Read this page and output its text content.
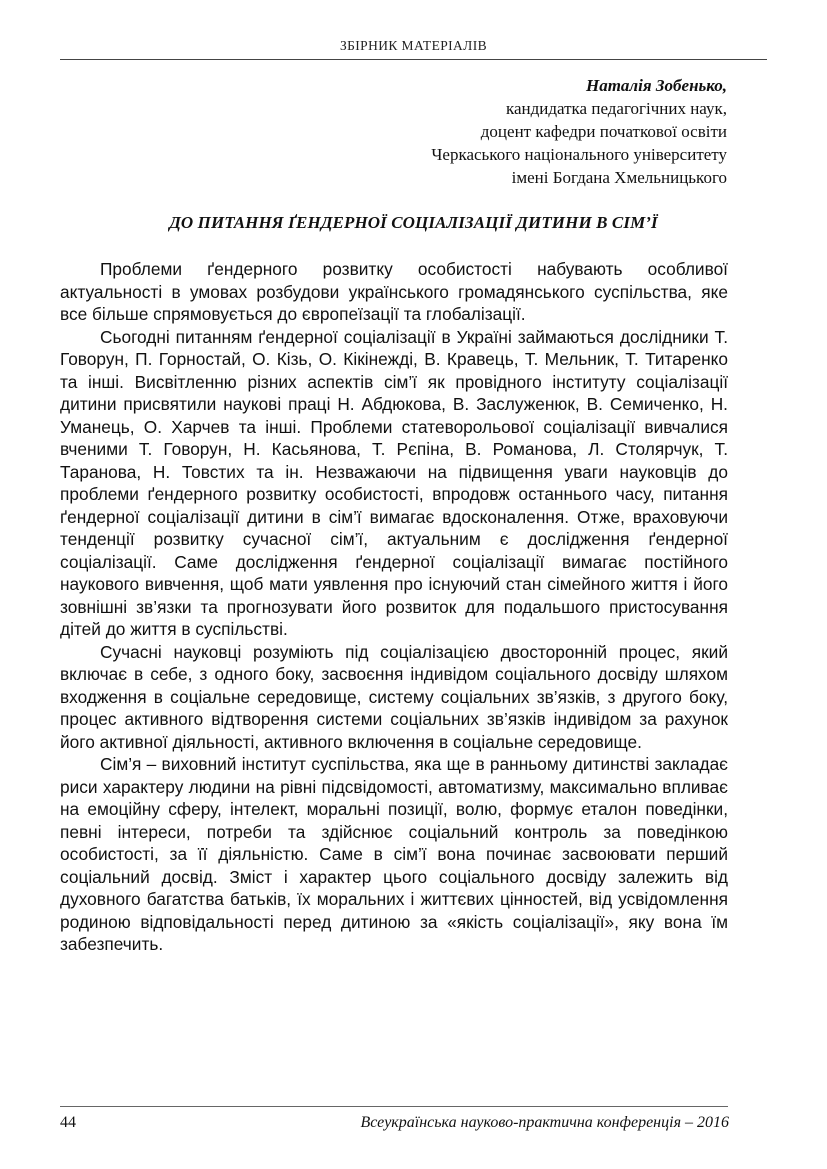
ЗБІРНИК МАТЕРІАЛІВ
Наталія Зобенько,
кандидатка педагогічних наук,
доцент кафедри початкової освіти
Черкаського національного університету
імені Богдана Хмельницького
ДО ПИТАННЯ ҐЕНДЕРНОЇ СОЦІАЛІЗАЦІЇ ДИТИНИ В СІМ’Ї

Проблеми ґендерного розвитку особистості набувають особливої актуальності в умовах розбудови українського громадянського суспільства, яке все більше спрямовується до європеїзації та глобалізації.

Сьогодні питанням ґендерної соціалізації в Україні займаються дослідники Т. Говорун, П. Горностай, О. Кізь, О. Кікінежді, В. Кравець, Т. Мельник, Т. Титаренко та інші. Висвітленню різних аспектів сім’ї як провідного інституту соціалізації дитини присвятили наукові праці Н. Абдюкова, В. Заслуженюк, В. Семиченко, Н. Уманець, О. Харчев та інші. Проблеми статеворольової соціалізації вивчалися вченими Т. Говорун, Н. Касьянова, Т. Рєпіна, В. Романова, Л. Столярчук, Т. Таранова, Н. Товстих та ін. Незважаючи на підвищення уваги науковців до проблеми ґендерного розвитку особистості, впродовж останнього часу, питання ґендерної соціалізації дитини в сім’ї вимагає вдосконалення. Отже, враховуючи тенденції розвитку сучасної сім’ї, актуальним є дослідження ґендерної соціалізації. Саме дослідження ґендерної соціалізації вимагає постійного наукового вивчення, щоб мати уявлення про існуючий стан сімейного життя і його зовнішні зв’язки та прогнозувати його розвиток для подальшого пристосування дітей до життя в суспільстві.

Сучасні науковці розуміють під соціалізацією двосторонній процес, який включає в себе, з одного боку, засвоєння індивідом соціального досвіду шляхом входження в соціальне середовище, систему соціальних зв’язків, з другого боку, процес активного відтворення системи соціальних зв’язків індивідом за рахунок його активної діяльності, активного включення в соціальне середовище.

Сім’я – виховний інститут суспільства, яка ще в ранньому дитинстві закладає риси характеру людини на рівні підсвідомості, автоматизму, максимально впливає на емоційну сферу, інтелект, моральні позиції, волю, формує еталон поведінки, певні інтереси, потреби та здійснює соціальний контроль за поведінкою особистості, за її діяльністю. Саме в сім’ї вона починає засвоювати перший соціальний досвід. Зміст і характер цього соціального досвіду залежить від духовного багатства батьків, їх моральних і життєвих цінностей, від усвідомлення родиною відповідальності перед дитиною за «якість соціалізації», яку вона їм забезпечить.

44	Всеукраїнська науково-практична конференція – 2016
